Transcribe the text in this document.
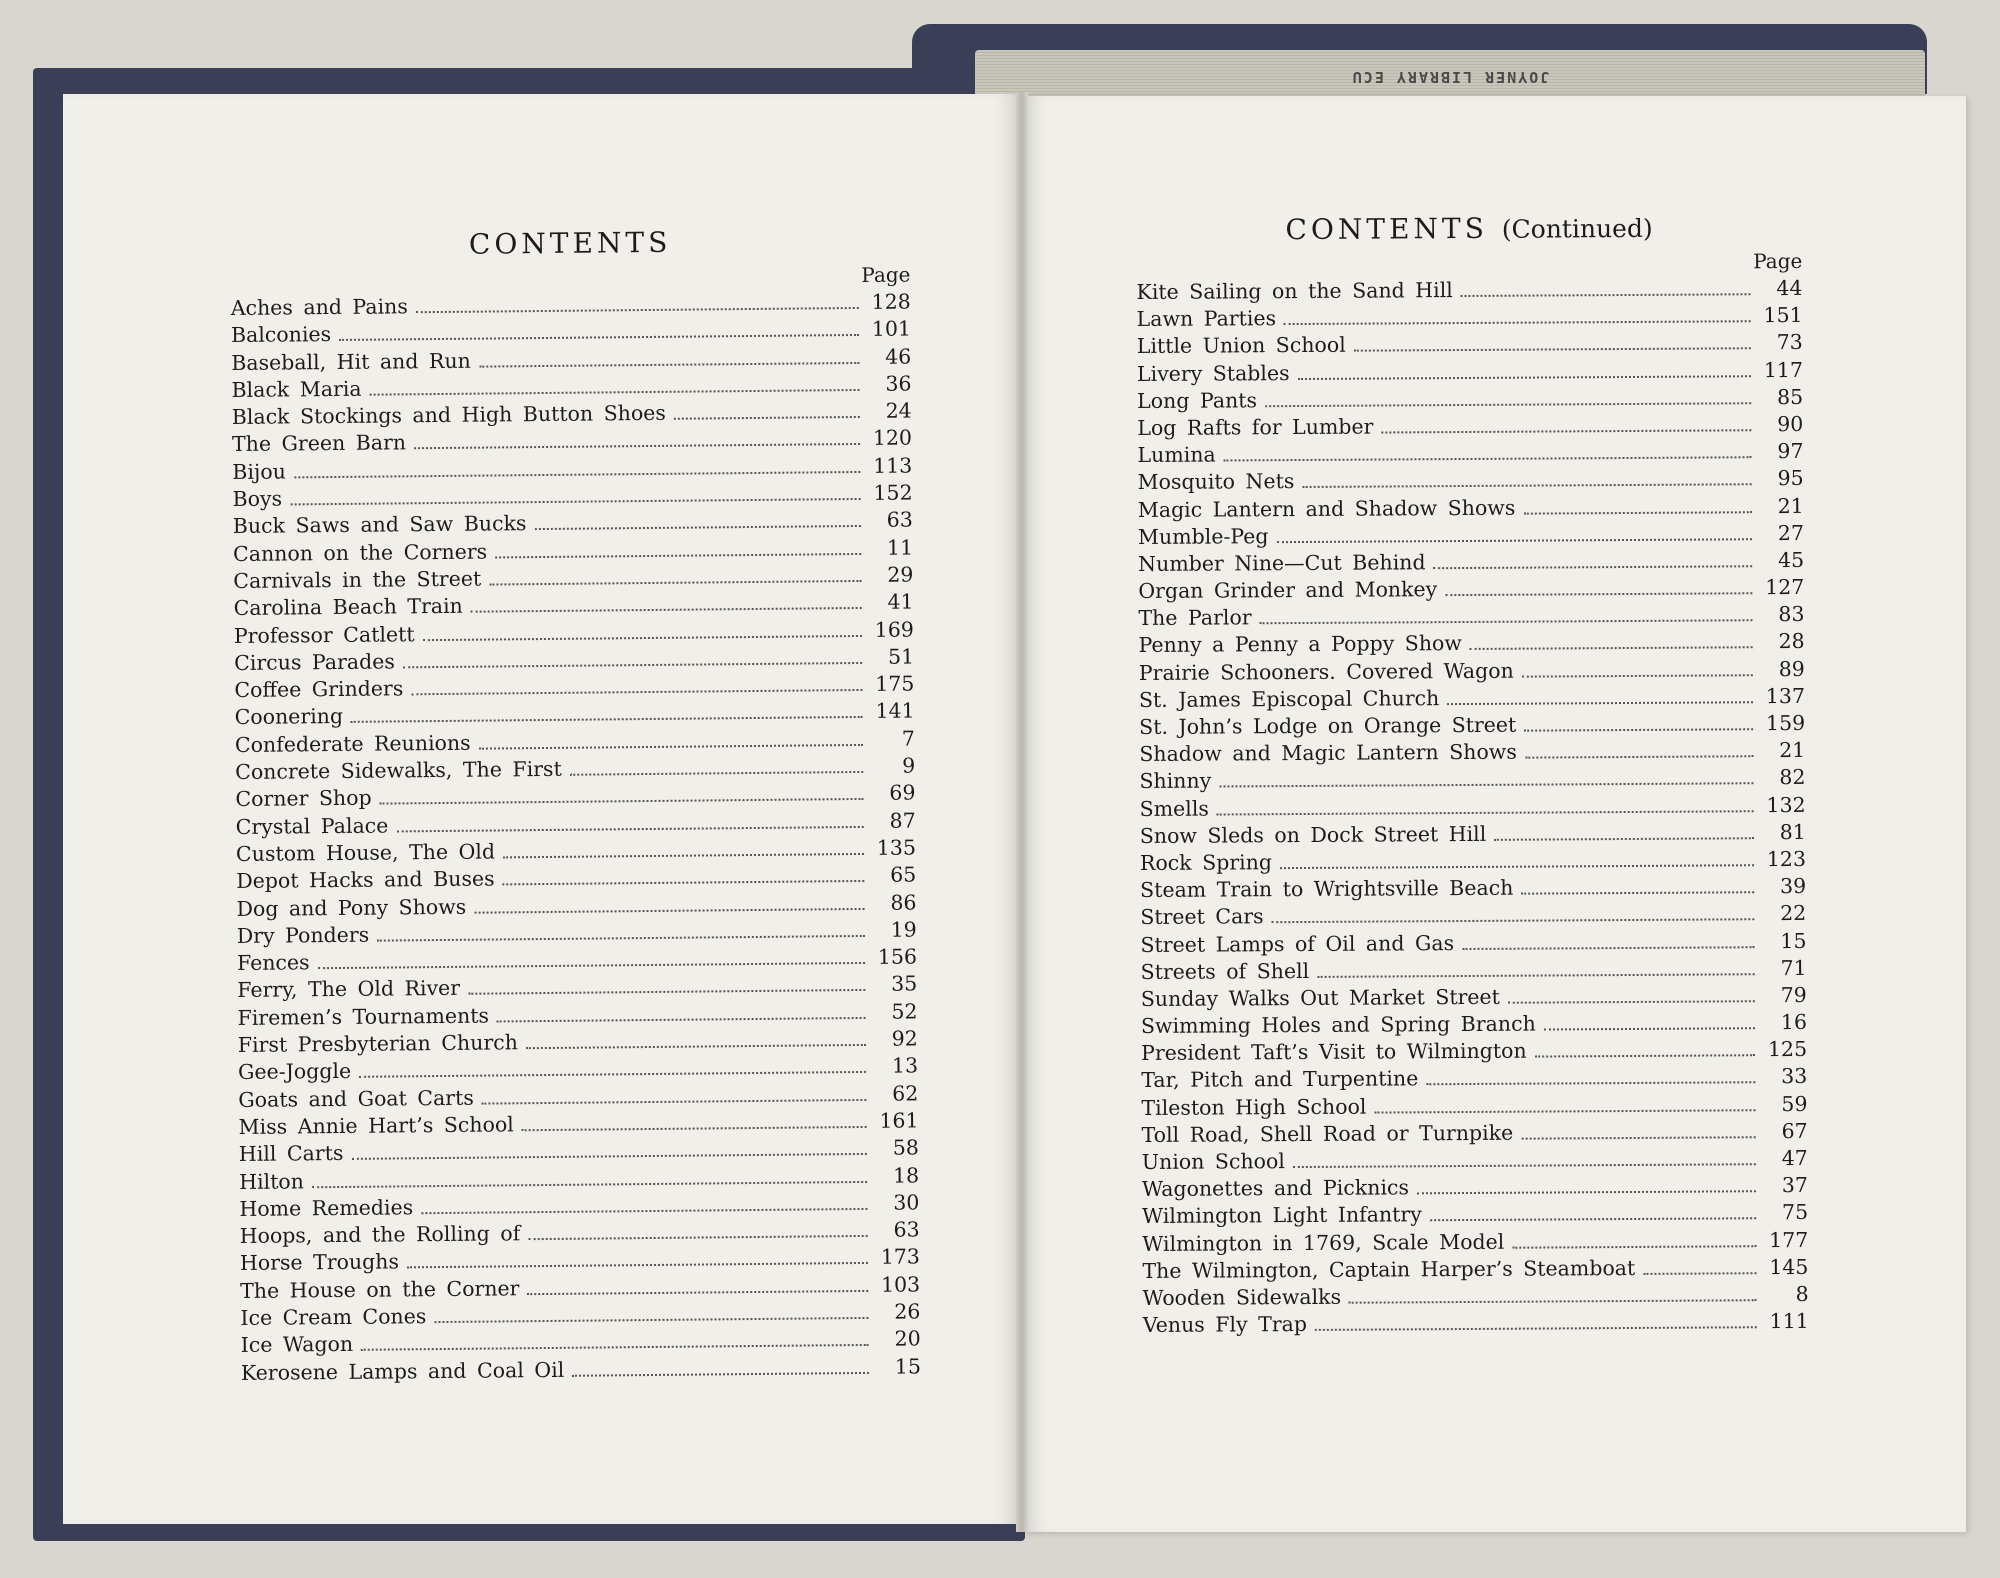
JOYNER LIBRARY ECU
CONTENTS
Page
Aches and Pains	128
Balconies	101
Baseball, Hit and Run	46
Black Maria	36
Black Stockings and High Button Shoes	24
The Green Barn	120
Bijou	113
Boys	152
Buck Saws and Saw Bucks	63
Cannon on the Corners	11
Carnivals in the Street	29
Carolina Beach Train	41
Professor Catlett	169
Circus Parades	51
Coffee Grinders	175
Coonering	141
Confederate Reunions	7
Concrete Sidewalks, The First	9
Corner Shop	69
Crystal Palace	87
Custom House, The Old	135
Depot Hacks and Buses	65
Dog and Pony Shows	86
Dry Ponders	19
Fences	156
Ferry, The Old River	35
Firemen’s Tournaments	52
First Presbyterian Church	92
Gee-Joggle	13
Goats and Goat Carts	62
Miss Annie Hart’s School	161
Hill Carts	58
Hilton	18
Home Remedies	30
Hoops, and the Rolling of	63
Horse Troughs	173
The House on the Corner	103
Ice Cream Cones	26
Ice Wagon	20
Kerosene Lamps and Coal Oil	15
CONTENTS (Continued)
Page
Kite Sailing on the Sand Hill	44
Lawn Parties	151
Little Union School	73
Livery Stables	117
Long Pants	85
Log Rafts for Lumber	90
Lumina	97
Mosquito Nets	95
Magic Lantern and Shadow Shows	21
Mumble-Peg	27
Number Nine—Cut Behind	45
Organ Grinder and Monkey	127
The Parlor	83
Penny a Penny a Poppy Show	28
Prairie Schooners. Covered Wagon	89
St. James Episcopal Church	137
St. John’s Lodge on Orange Street	159
Shadow and Magic Lantern Shows	21
Shinny	82
Smells	132
Snow Sleds on Dock Street Hill	81
Rock Spring	123
Steam Train to Wrightsville Beach	39
Street Cars	22
Street Lamps of Oil and Gas	15
Streets of Shell	71
Sunday Walks Out Market Street	79
Swimming Holes and Spring Branch	16
President Taft’s Visit to Wilmington	125
Tar, Pitch and Turpentine	33
Tileston High School	59
Toll Road, Shell Road or Turnpike	67
Union School	47
Wagonettes and Picknics	37
Wilmington Light Infantry	75
Wilmington in 1769, Scale Model	177
The Wilmington, Captain Harper’s Steamboat	145
Wooden Sidewalks	8
Venus Fly Trap	111
